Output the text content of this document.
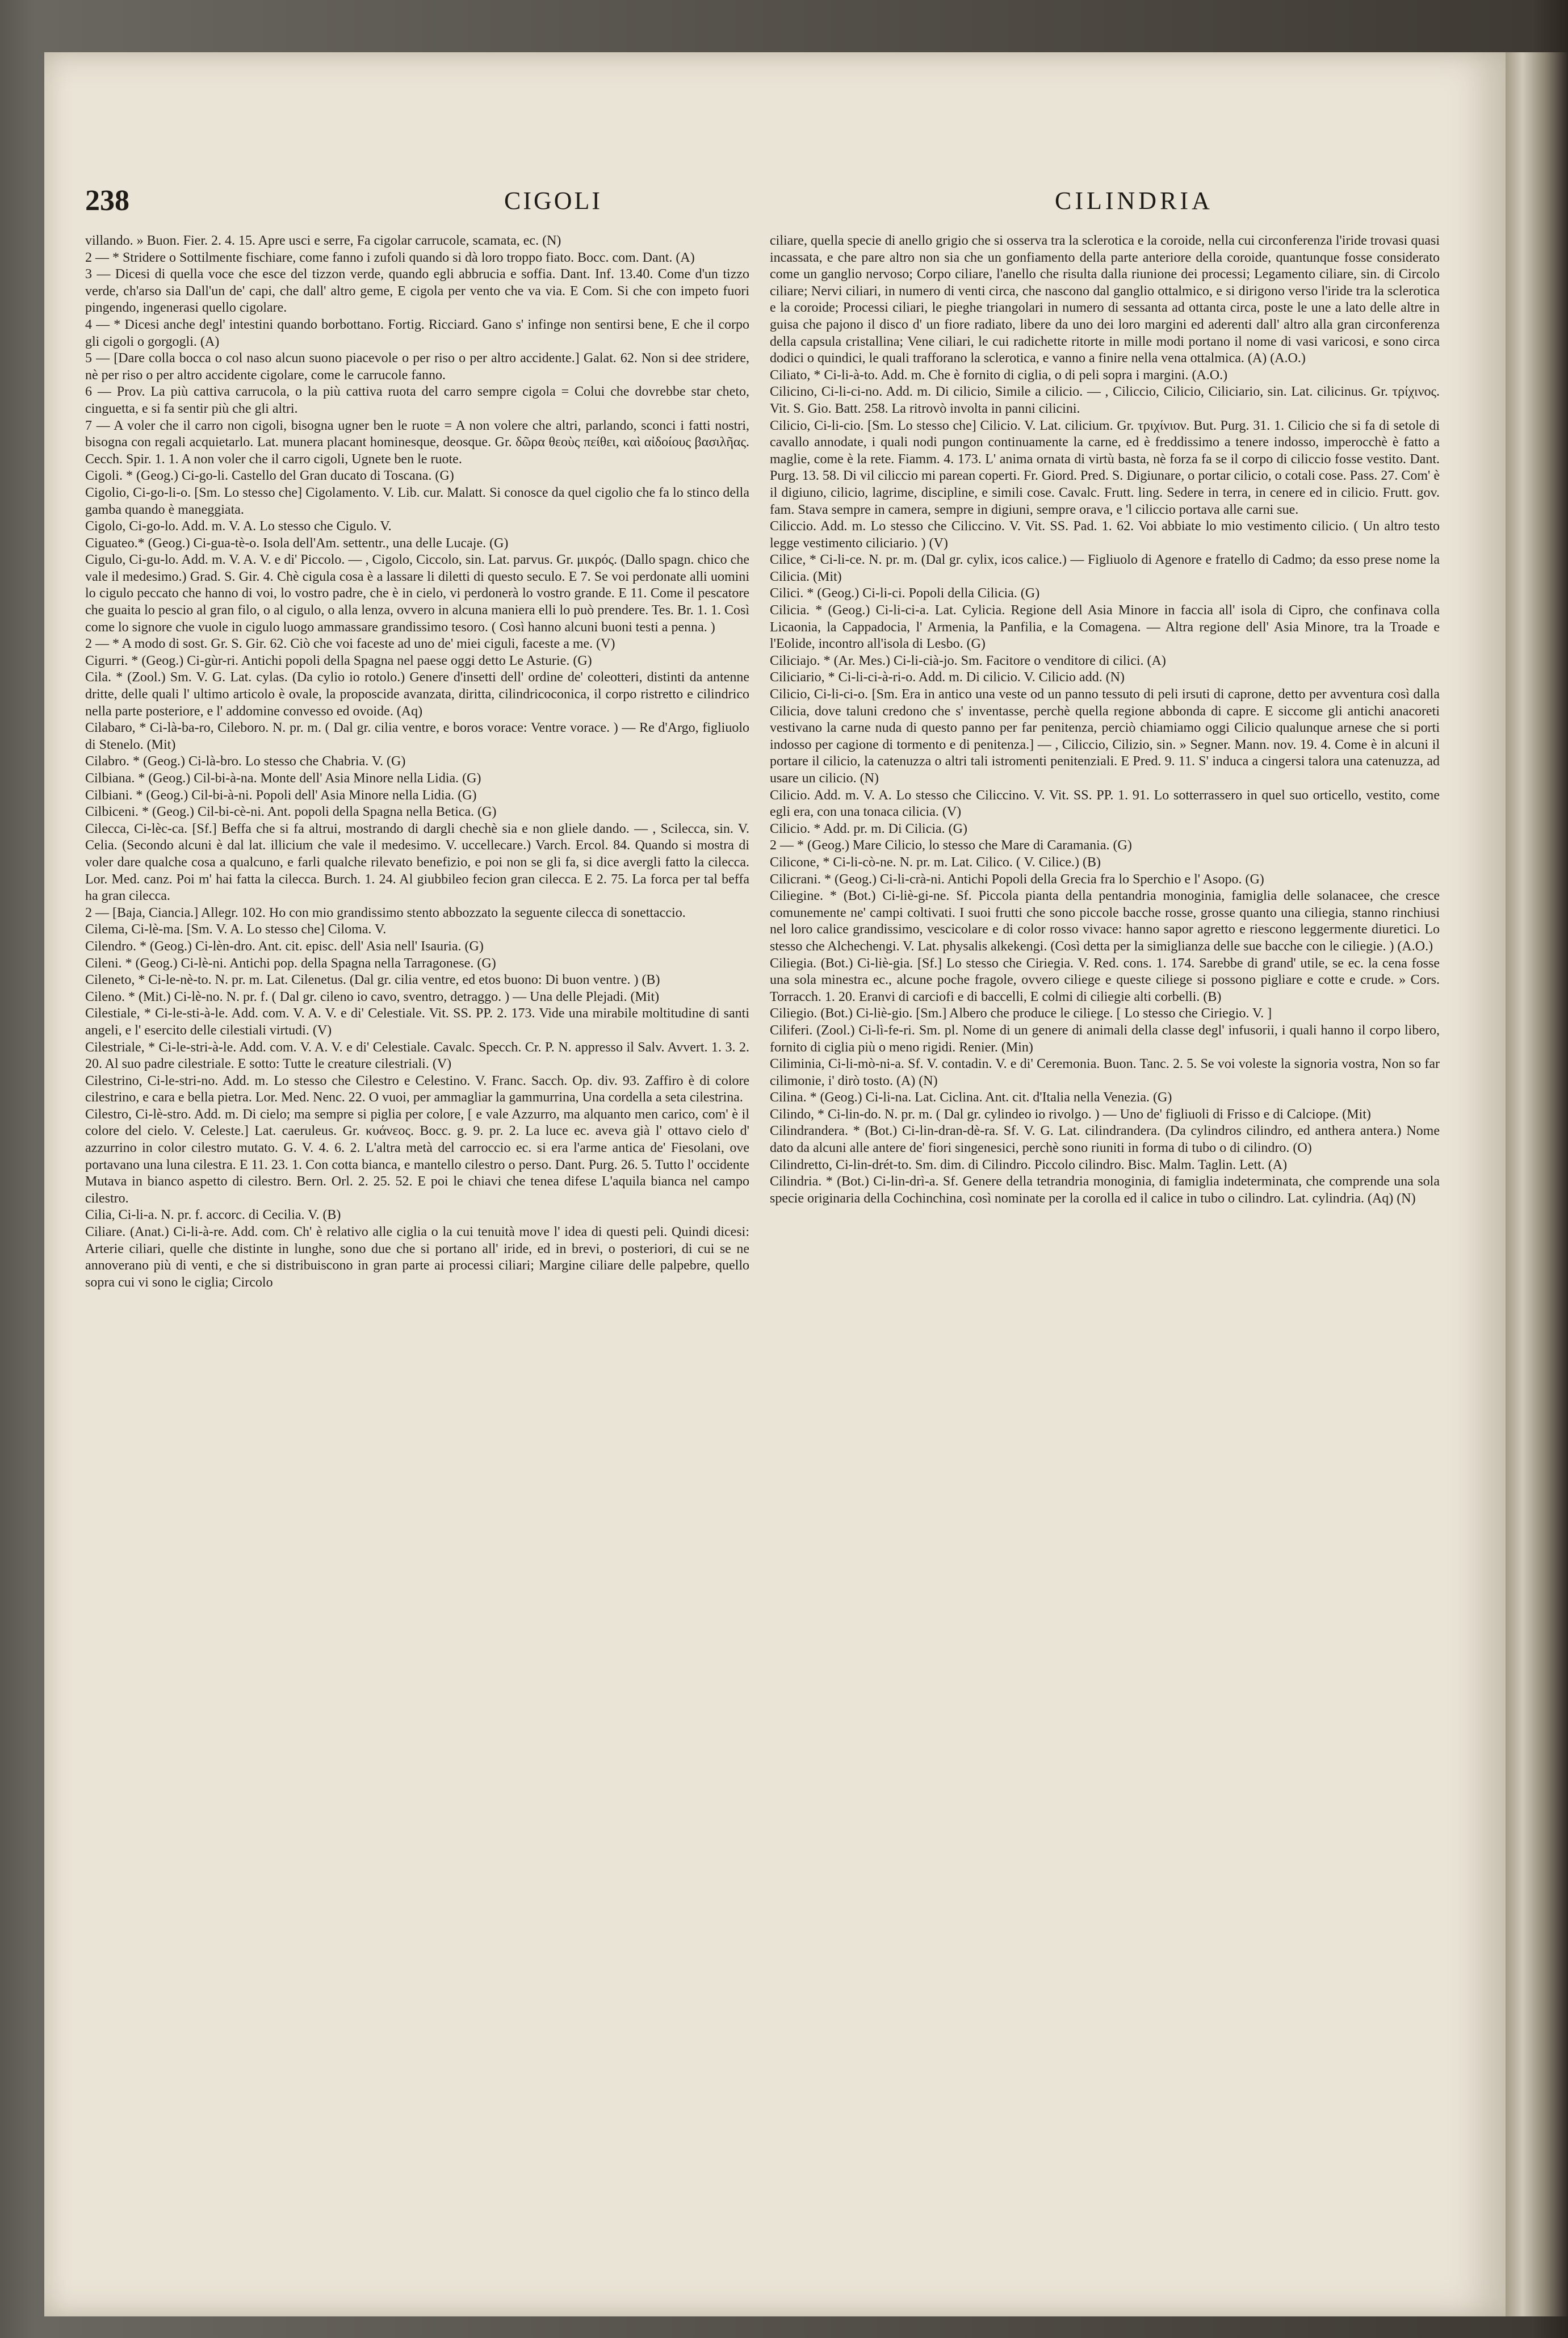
238	CIGOLI	CILINDRIA

villando. » Buon. Fier. 2. 4. 15. Apre usci e serre, Fa cigolar carrucole, scamata, ec. (N)

2 — * Stridere o Sottilmente fischiare, come fanno i zufoli quando si dà loro troppo fiato. Bocc. com. Dant. (A)

3 — Dicesi di quella voce che esce del tizzon verde, quando egli abbrucia e soffia. Dant. Inf. 13.40. Come d'un tizzo verde, ch'arso sia Dall'un de' capi, che dall' altro geme, E cigola per vento che va via. E Com. Si che con impeto fuori pingendo, ingenerasi quello cigolare.

4 — * Dicesi anche degl' intestini quando borbottano. Fortig. Ricciard. Gano s' infinge non sentirsi bene, E che il corpo gli cigoli o gorgogli. (A)

5 — [Dare colla bocca o col naso alcun suono piacevole o per riso o per altro accidente.] Galat. 62. Non si dee stridere, nè per riso o per altro accidente cigolare, come le carrucole fanno.

6 — Prov. La più cattiva carrucola, o la più cattiva ruota del carro sempre cigola = Colui che dovrebbe star cheto, cinguetta, e si fa sentir più che gli altri.

7 — A voler che il carro non cigoli, bisogna ugner ben le ruote = A non volere che altri, parlando, sconci i fatti nostri, bisogna con regali acquietarlo. Lat. munera placant hominesque, deosque. Gr. δῶρα θεοὺς πείθει, καὶ αἰδοίους βασιλῆας. Cecch. Spir. 1. 1. A non voler che il carro cigoli, Ugnete ben le ruote.

Cigoli. * (Geog.) Ci-go-li. Castello del Gran ducato di Toscana. (G)

Cigolio, Ci-go-li-o. [Sm. Lo stesso che] Cigolamento. V. Lib. cur. Malatt. Si conosce da quel cigolio che fa lo stinco della gamba quando è maneggiata.

Cigolo, Ci-go-lo. Add. m. V. A. Lo stesso che Cigulo. V.

Ciguateo.* (Geog.) Ci-gua-tè-o. Isola dell'Am. settentr., una delle Lucaje. (G)

Cigulo, Ci-gu-lo. Add. m. V. A. V. e di' Piccolo. — , Cigolo, Ciccolo, sin. Lat. parvus. Gr. μικρός. (Dallo spagn. chico che vale il medesimo.) Grad. S. Gir. 4. Chè cigula cosa è a lassare li diletti di questo seculo. E 7. Se voi perdonate alli uomini lo cigulo peccato che hanno di voi, lo vostro padre, che è in cielo, vi perdonerà lo vostro grande. E 11. Come il pescatore che guaita lo pescio al gran filo, o al cigulo, o alla lenza, ovvero in alcuna maniera elli lo può prendere. Tes. Br. 1. 1. Così come lo signore che vuole in cigulo luogo ammassare grandissimo tesoro. ( Così hanno alcuni buoni testi a penna. )

2 — * A modo di sost. Gr. S. Gir. 62. Ciò che voi faceste ad uno de' miei ciguli, faceste a me. (V)

Cigurri. * (Geog.) Ci-gùr-ri. Antichi popoli della Spagna nel paese oggi detto Le Asturie. (G)

Cila. * (Zool.) Sm. V. G. Lat. cylas. (Da cylio io rotolo.) Genere d'insetti dell' ordine de' coleotteri, distinti da antenne dritte, delle quali l' ultimo articolo è ovale, la proposcide avanzata, diritta, cilindricoconica, il corpo ristretto e cilindrico nella parte posteriore, e l' addomine convesso ed ovoide. (Aq)

Cilabaro, * Ci-là-ba-ro, Cileboro. N. pr. m. ( Dal gr. cilia ventre, e boros vorace: Ventre vorace. ) — Re d'Argo, figliuolo di Stenelo. (Mit)

Cilabro. * (Geog.) Ci-là-bro. Lo stesso che Chabria. V. (G)

Cilbiana. * (Geog.) Cil-bi-à-na. Monte dell' Asia Minore nella Lidia. (G)

Cilbiani. * (Geog.) Cil-bi-à-ni. Popoli dell' Asia Minore nella Lidia. (G)

Cilbiceni. * (Geog.) Cil-bi-cè-ni. Ant. popoli della Spagna nella Betica. (G)

Cilecca, Ci-lèc-ca. [Sf.] Beffa che si fa altrui, mostrando di dargli chechè sia e non gliele dando. — , Scilecca, sin. V. Celia. (Secondo alcuni è dal lat. illicium che vale il medesimo. V. uccellecare.) Varch. Ercol. 84. Quando si mostra di voler dare qualche cosa a qualcuno, e farli qualche rilevato benefizio, e poi non se gli fa, si dice avergli fatto la cilecca. Lor. Med. canz. Poi m' hai fatta la cilecca. Burch. 1. 24. Al giubbileo fecion gran cilecca. E 2. 75. La forca per tal beffa ha gran cilecca.

2 — [Baja, Ciancia.] Allegr. 102. Ho con mio grandissimo stento abbozzato la seguente cilecca di sonettaccio.

Cilema, Ci-lè-ma. [Sm. V. A. Lo stesso che] Ciloma. V.

Cilendro. * (Geog.) Ci-lèn-dro. Ant. cit. episc. dell' Asia nell' Isauria. (G)

Cileni. * (Geog.) Ci-lè-ni. Antichi pop. della Spagna nella Tarragonese. (G)

Cileneto, * Ci-le-nè-to. N. pr. m. Lat. Cilenetus. (Dal gr. cilia ventre, ed etos buono: Di buon ventre. ) (B)

Cileno. * (Mit.) Ci-lè-no. N. pr. f. ( Dal gr. cileno io cavo, sventro, detraggo. ) — Una delle Plejadi. (Mit)

Cilestiale, * Ci-le-sti-à-le. Add. com. V. A. V. e di' Celestiale. Vit. SS. PP. 2. 173. Vide una mirabile moltitudine di santi angeli, e l' esercito delle cilestiali virtudi. (V)

Cilestriale, * Ci-le-stri-à-le. Add. com. V. A. V. e di' Celestiale. Cavalc. Specch. Cr. P. N. appresso il Salv. Avvert. 1. 3. 2. 20. Al suo padre cilestriale. E sotto: Tutte le creature cilestriali. (V)

Cilestrino, Ci-le-stri-no. Add. m. Lo stesso che Cilestro e Celestino. V. Franc. Sacch. Op. div. 93. Zaffiro è di colore cilestrino, e cara e bella pietra. Lor. Med. Nenc. 22. O vuoi, per ammagliar la gammurrina, Una cordella a seta cilestrina.

Cilestro, Ci-lè-stro. Add. m. Di cielo; ma sempre si piglia per colore, [ e vale Azzurro, ma alquanto men carico, com' è il colore del cielo. V. Celeste.] Lat. caeruleus. Gr. κυάνεος. Bocc. g. 9. pr. 2. La luce ec. aveva già l' ottavo cielo d' azzurrino in color cilestro mutato. G. V. 4. 6. 2. L'altra metà del carroccio ec. si era l'arme antica de' Fiesolani, ove portavano una luna cilestra. E 11. 23. 1. Con cotta bianca, e mantello cilestro o perso. Dant. Purg. 26. 5. Tutto l' occidente Mutava in bianco aspetto di cilestro. Bern. Orl. 2. 25. 52. E poi le chiavi che tenea difese L'aquila bianca nel campo cilestro.

Cilia, Ci-li-a. N. pr. f. accorc. di Cecilia. V. (B)

Ciliare. (Anat.) Ci-li-à-re. Add. com. Ch' è relativo alle ciglia o la cui tenuità move l' idea di questi peli. Quindi dicesi: Arterie ciliari, quelle che distinte in lunghe, sono due che si portano all' iride, ed in brevi, o posteriori, di cui se ne annoverano più di venti, e che si distribuiscono in gran parte ai processi ciliari; Margine ciliare delle palpebre, quello sopra cui vi sono le ciglia; Circolo

ciliare, quella specie di anello grigio che si osserva tra la sclerotica e la coroide, nella cui circonferenza l'iride trovasi quasi incassata, e che pare altro non sia che un gonfiamento della parte anteriore della coroide, quantunque fosse considerato come un ganglio nervoso; Corpo ciliare, l'anello che risulta dalla riunione dei processi; Legamento ciliare, sin. di Circolo ciliare; Nervi ciliari, in numero di venti circa, che nascono dal ganglio ottalmico, e si dirigono verso l'iride tra la sclerotica e la coroide; Processi ciliari, le pieghe triangolari in numero di sessanta ad ottanta circa, poste le une a lato delle altre in guisa che pajono il disco d' un fiore radiato, libere da uno dei loro margini ed aderenti dall' altro alla gran circonferenza della capsula cristallina; Vene ciliari, le cui radichette ritorte in mille modi portano il nome di vasi varicosi, e sono circa dodici o quindici, le quali trafforano la sclerotica, e vanno a finire nella vena ottalmica. (A) (A.O.)

Ciliato, * Ci-li-à-to. Add. m. Che è fornito di ciglia, o di peli sopra i margini. (A.O.)

Cilicino, Ci-li-ci-no. Add. m. Di cilicio, Simile a cilicio. — , Ciliccio, Cilicio, Ciliciario, sin. Lat. cilicinus. Gr. τρίχινος. Vit. S. Gio. Batt. 258. La ritrovò involta in panni cilicini.

Cilicio, Ci-li-cio. [Sm. Lo stesso che] Cilicio. V. Lat. cilicium. Gr. τριχίνιον. But. Purg. 31. 1. Cilicio che si fa di setole di cavallo annodate, i quali nodi pungon continuamente la carne, ed è freddissimo a tenere indosso, imperocchè è fatto a maglie, come è la rete. Fiamm. 4. 173. L' anima ornata di virtù basta, nè forza fa se il corpo di ciliccio fosse vestito. Dant. Purg. 13. 58. Di vil ciliccio mi parean coperti. Fr. Giord. Pred. S. Digiunare, o portar cilicio, o cotali cose. Pass. 27. Com' è il digiuno, cilicio, lagrime, discipline, e simili cose. Cavalc. Frutt. ling. Sedere in terra, in cenere ed in cilicio. Frutt. gov. fam. Stava sempre in camera, sempre in digiuni, sempre orava, e 'l ciliccio portava alle carni sue.

Ciliccio. Add. m. Lo stesso che Ciliccino. V. Vit. SS. Pad. 1. 62. Voi abbiate lo mio vestimento cilicio. ( Un altro testo legge vestimento ciliciario. ) (V)

Cilice, * Ci-li-ce. N. pr. m. (Dal gr. cylix, icos calice.) — Figliuolo di Agenore e fratello di Cadmo; da esso prese nome la Cilicia. (Mit)

Cilici. * (Geog.) Ci-li-ci. Popoli della Cilicia. (G)

Cilicia. * (Geog.) Ci-li-ci-a. Lat. Cylicia. Regione dell Asia Minore in faccia all' isola di Cipro, che confinava colla Licaonia, la Cappadocia, l' Armenia, la Panfilia, e la Comagena. — Altra regione dell' Asia Minore, tra la Troade e l'Eolide, incontro all'isola di Lesbo. (G)

Ciliciajo. * (Ar. Mes.) Ci-li-cià-jo. Sm. Facitore o venditore di cilici. (A)

Ciliciario, * Ci-li-ci-à-ri-o. Add. m. Di cilicio. V. Cilicio add. (N)

Cilicio, Ci-li-ci-o. [Sm. Era in antico una veste od un panno tessuto di peli irsuti di caprone, detto per avventura così dalla Cilicia, dove taluni credono che s' inventasse, perchè quella regione abbonda di capre. E siccome gli antichi anacoreti vestivano la carne nuda di questo panno per far penitenza, perciò chiamiamo oggi Cilicio qualunque arnese che si porti indosso per cagione di tormento e di penitenza.] — , Ciliccio, Cilizio, sin. » Segner. Mann. nov. 19. 4. Come è in alcuni il portare il cilicio, la catenuzza o altri tali istromenti penitenziali. E Pred. 9. 11. S' induca a cingersi talora una catenuzza, ad usare un cilicio. (N)

Cilicio. Add. m. V. A. Lo stesso che Ciliccino. V. Vit. SS. PP. 1. 91. Lo sotterrassero in quel suo orticello, vestito, come egli era, con una tonaca cilicia. (V)

Cilicio. * Add. pr. m. Di Cilicia. (G)

2 — * (Geog.) Mare Cilicio, lo stesso che Mare di Caramania. (G)

Cilicone, * Ci-li-cò-ne. N. pr. m. Lat. Cilico. ( V. Cilice.) (B)

Cilicrani. * (Geog.) Ci-li-crà-ni. Antichi Popoli della Grecia fra lo Sperchio e l' Asopo. (G)

Ciliegine. * (Bot.) Ci-liè-gi-ne. Sf. Piccola pianta della pentandria monoginia, famiglia delle solanacee, che cresce comunemente ne' campi coltivati. I suoi frutti che sono piccole bacche rosse, grosse quanto una ciliegia, stanno rinchiusi nel loro calice grandissimo, vescicolare e di color rosso vivace: hanno sapor agretto e riescono leggermente diuretici. Lo stesso che Alchechengi. V. Lat. physalis alkekengi. (Così detta per la simiglianza delle sue bacche con le ciliegie. ) (A.O.)

Ciliegia. (Bot.) Ci-liè-gia. [Sf.] Lo stesso che Ciriegia. V. Red. cons. 1. 174. Sarebbe di grand' utile, se ec. la cena fosse una sola minestra ec., alcune poche fragole, ovvero ciliege e queste ciliege si possono pigliare e cotte e crude. » Cors. Torracch. 1. 20. Eranvi di carciofi e di baccelli, E colmi di ciliegie alti corbelli. (B)

Ciliegio. (Bot.) Ci-liè-gio. [Sm.] Albero che produce le ciliege. [ Lo stesso che Ciriegio. V. ]

Ciliferi. (Zool.) Ci-lì-fe-ri. Sm. pl. Nome di un genere di animali della classe degl' infusorii, i quali hanno il corpo libero, fornito di ciglia più o meno rigidi. Renier. (Min)

Ciliminia, Ci-li-mò-ni-a. Sf. V. contadin. V. e di' Ceremonia. Buon. Tanc. 2. 5. Se voi voleste la signoria vostra, Non so far cilimonie, i' dirò tosto. (A) (N)

Cilina. * (Geog.) Ci-li-na. Lat. Ciclina. Ant. cit. d'Italia nella Venezia. (G)

Cilindo, * Ci-lin-do. N. pr. m. ( Dal gr. cylindeo io rivolgo. ) — Uno de' figliuoli di Frisso e di Calciope. (Mit)

Cilindrandera. * (Bot.) Ci-lin-dran-dè-ra. Sf. V. G. Lat. cilindrandera. (Da cylindros cilindro, ed anthera antera.) Nome dato da alcuni alle antere de' fiori singenesici, perchè sono riuniti in forma di tubo o di cilindro. (O)

Cilindretto, Ci-lin-drét-to. Sm. dim. di Cilindro. Piccolo cilindro. Bisc. Malm. Taglin. Lett. (A)

Cilindria. * (Bot.) Ci-lin-drì-a. Sf. Genere della tetrandria monoginia, di famiglia indeterminata, che comprende una sola specie originaria della Cochinchina, così nominate per la corolla ed il calice in tubo o cilindro. Lat. cylindria. (Aq) (N)
